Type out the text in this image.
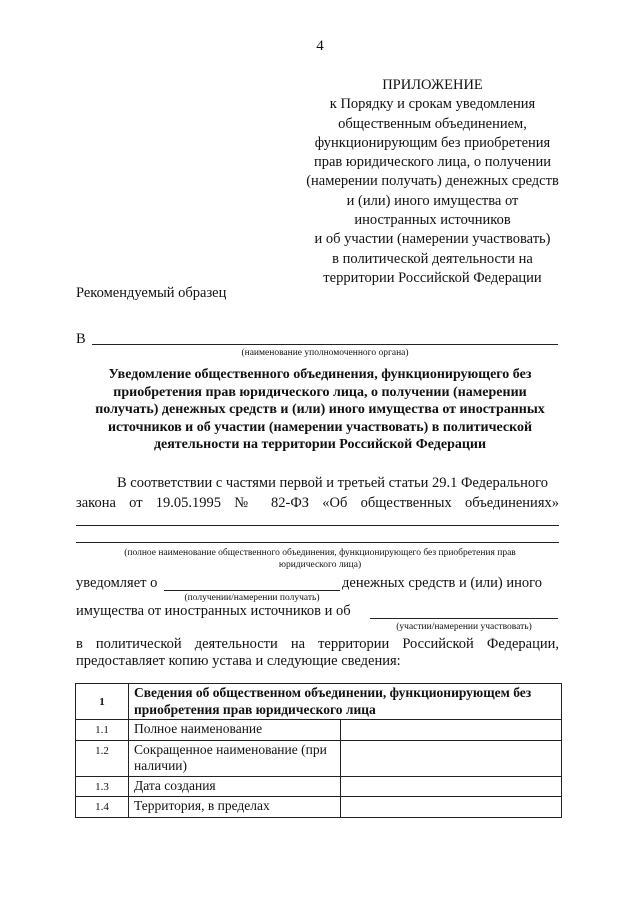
4
ПРИЛОЖЕНИЕ
к Порядку и срокам уведомления
общественным объединением,
функционирующим без приобретения
прав юридического лица, о получении
(намерении получать) денежных средств
и (или) иного имущества от
иностранных источников
и об участии (намерении участвовать)
в политической деятельности на
территории Российской Федерации
Рекомендуемый образец
В
(наименование уполномоченного органа)
Уведомление общественного объединения, функционирующего без
приобретения прав юридического лица, о получении (намерении
получать) денежных средств и (или) иного имущества от иностранных
источников и об участии (намерении участвовать) в политической
деятельности на территории Российской Федерации
В соответствии с частями первой и третьей статьи 29.1 Федерального
закона от 19.05.1995 № 82-ФЗ «Об общественных объединениях»
(полное наименование общественного объединения, функционирующего без приобретения прав
юридического лица)
уведомляет о	денежных средств и (или) иного
(получении/намерении получать)
имущества от иностранных источников и об
(участии/намерении участвовать)
в политической деятельности на территории Российской Федерации,
предоставляет копию устава и следующие сведения:
1	Сведения об общественном объединении, функционирующем без приобретения прав юридического лица	
1.1	Полное наименование	
1.2	Сокращенное наименование (при наличии)	
1.3	Дата создания	
1.4	Территория, в пределах	
